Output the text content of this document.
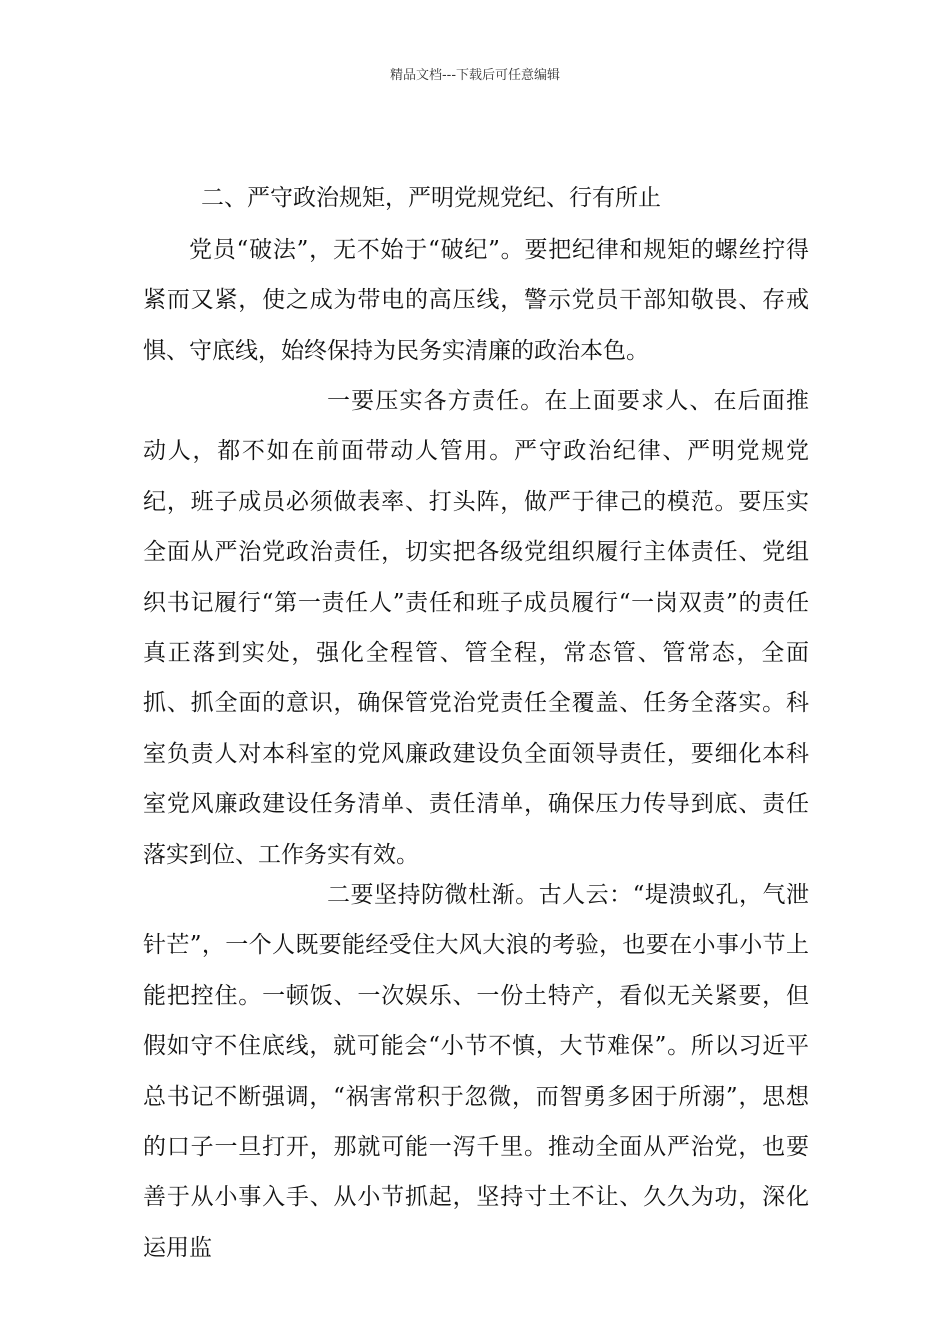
精品文档---下载后可任意编辑
二、严守政治规矩，严明党规党纪、行有所止

党员“破法”，无不始于“破纪”。要把纪律和规矩的螺丝拧得紧而又紧，使之成为带电的高压线，警示党员干部知敬畏、存戒惧、守底线，始终保持为民务实清廉的政治本色。

一要压实各方责任。在上面要求人、在后面推动人，都不如在前面带动人管用。严守政治纪律、严明党规党纪，班子成员必须做表率、打头阵，做严于律己的模范。要压实全面从严治党政治责任，切实把各级党组织履行主体责任、党组织书记履行“第一责任人”责任和班子成员履行“一岗双责”的责任真正落到实处，强化全程管、管全程，常态管、管常态，全面抓、抓全面的意识，确保管党治党责任全覆盖、任务全落实。科室负责人对本科室的党风廉政建设负全面领导责任，要细化本科室党风廉政建设任务清单、责任清单，确保压力传导到底、责任落实到位、工作务实有效。

二要坚持防微杜渐。古人云：“堤溃蚁孔，气泄针芒”，一个人既要能经受住大风大浪的考验，也要在小事小节上能把控住。一顿饭、一次娱乐、一份土特产，看似无关紧要，但假如守不住底线，就可能会“小节不慎，大节难保”。所以习近平总书记不断强调，“祸害常积于忽微，而智勇多困于所溺”，思想的口子一旦打开，那就可能一泻千里。推动全面从严治党，也要善于从小事入手、从小节抓起，坚持寸土不让、久久为功，深化运用监
